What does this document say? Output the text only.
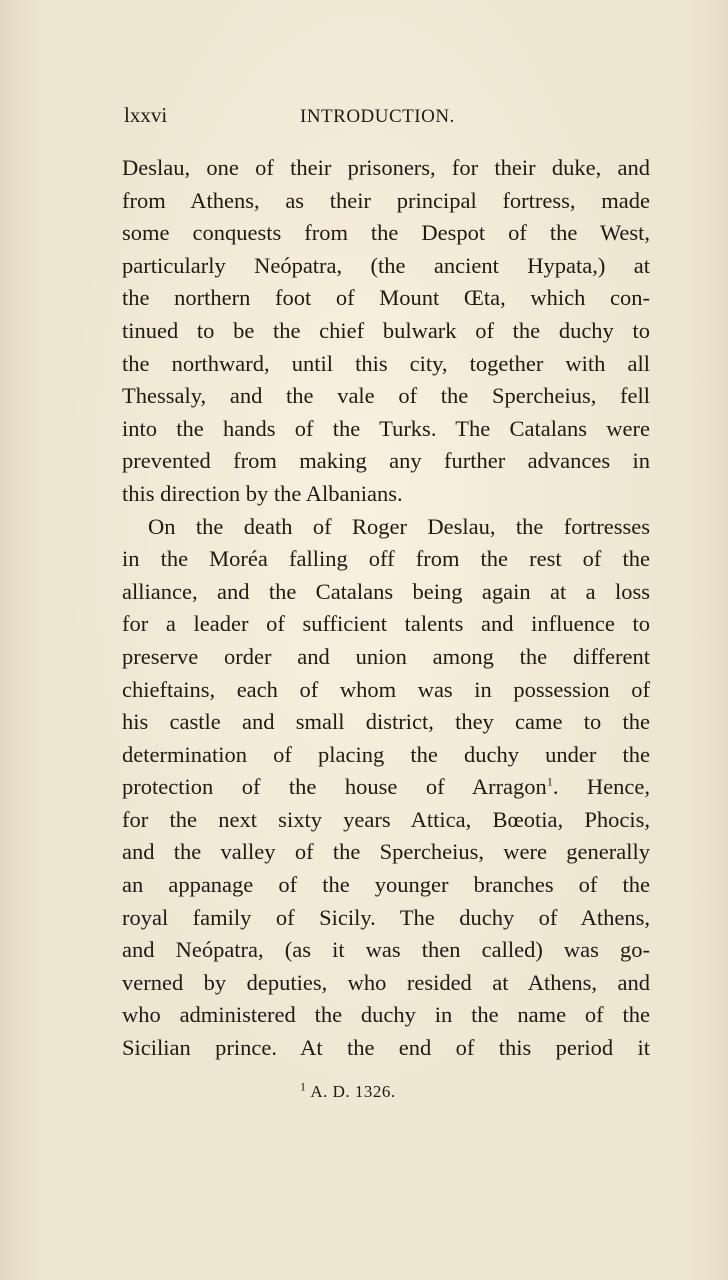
lxxvi	INTRODUCTION.
Deslau, one of their prisoners, for their duke, and
from Athens, as their principal fortress, made
some conquests from the Despot of the West,
particularly Neópatra, (the ancient Hypata,) at
the northern foot of Mount Œta, which con-
tinued to be the chief bulwark of the duchy to
the northward, until this city, together with all
Thessaly, and the vale of the Spercheius, fell
into the hands of the Turks. The Catalans were
prevented from making any further advances in
this direction by the Albanians.
On the death of Roger Deslau, the fortresses
in the Moréa falling off from the rest of the
alliance, and the Catalans being again at a loss
for a leader of sufficient talents and influence to
preserve order and union among the different
chieftains, each of whom was in possession of
his castle and small district, they came to the
determination of placing the duchy under the
protection of the house of Arragon$^1$. Hence,
for the next sixty years Attica, Bœotia, Phocis,
and the valley of the Spercheius, were generally
an appanage of the younger branches of the
royal family of Sicily. The duchy of Athens,
and Neópatra, (as it was then called) was go-
verned by deputies, who resided at Athens, and
who administered the duchy in the name of the
Sicilian prince. At the end of this period it
$^1$ A. D. 1326.
